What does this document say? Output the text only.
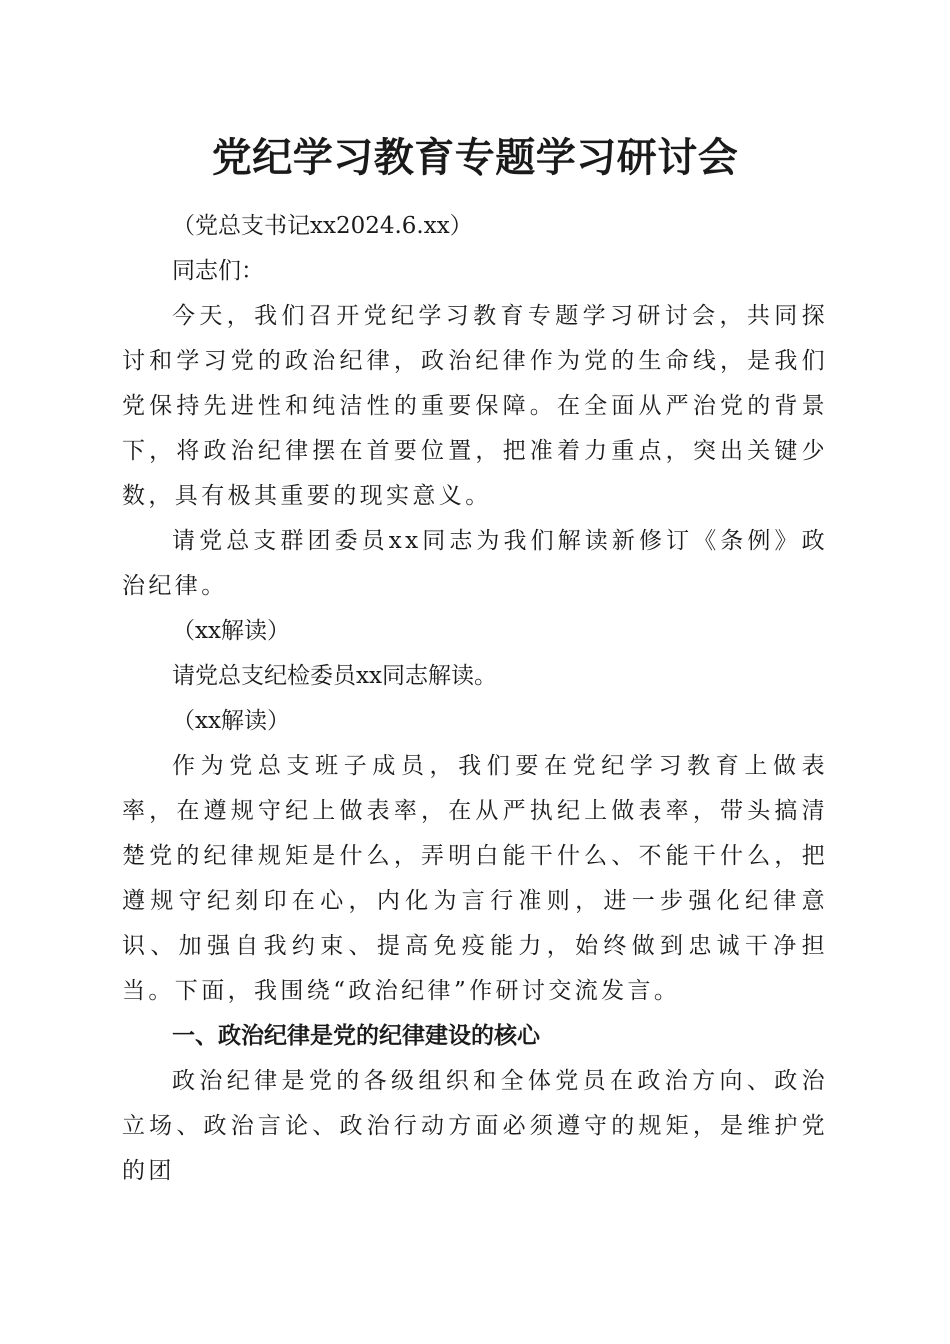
党纪学习教育专题学习研讨会

（党总支书记xx2024.6.xx）

同志们：

今天，我们召开党纪学习教育专题学习研讨会，共同探讨和学习党的政治纪律，政治纪律作为党的生命线，是我们党保持先进性和纯洁性的重要保障。在全面从严治党的背景下，将政治纪律摆在首要位置，把准着力重点，突出关键少数，具有极其重要的现实意义。

请党总支群团委员xx同志为我们解读新修订《条例》政治纪律。

（xx解读）

请党总支纪检委员xx同志解读。

（xx解读）

作为党总支班子成员，我们要在党纪学习教育上做表率，在遵规守纪上做表率，在从严执纪上做表率，带头搞清楚党的纪律规矩是什么，弄明白能干什么、不能干什么，把遵规守纪刻印在心，内化为言行准则，进一步强化纪律意识、加强自我约束、提高免疫能力，始终做到忠诚干净担当。下面，我围绕“政治纪律”作研讨交流发言。

一、政治纪律是党的纪律建设的核心

政治纪律是党的各级组织和全体党员在政治方向、政治立场、政治言论、政治行动方面必须遵守的规矩，是维护党的团
